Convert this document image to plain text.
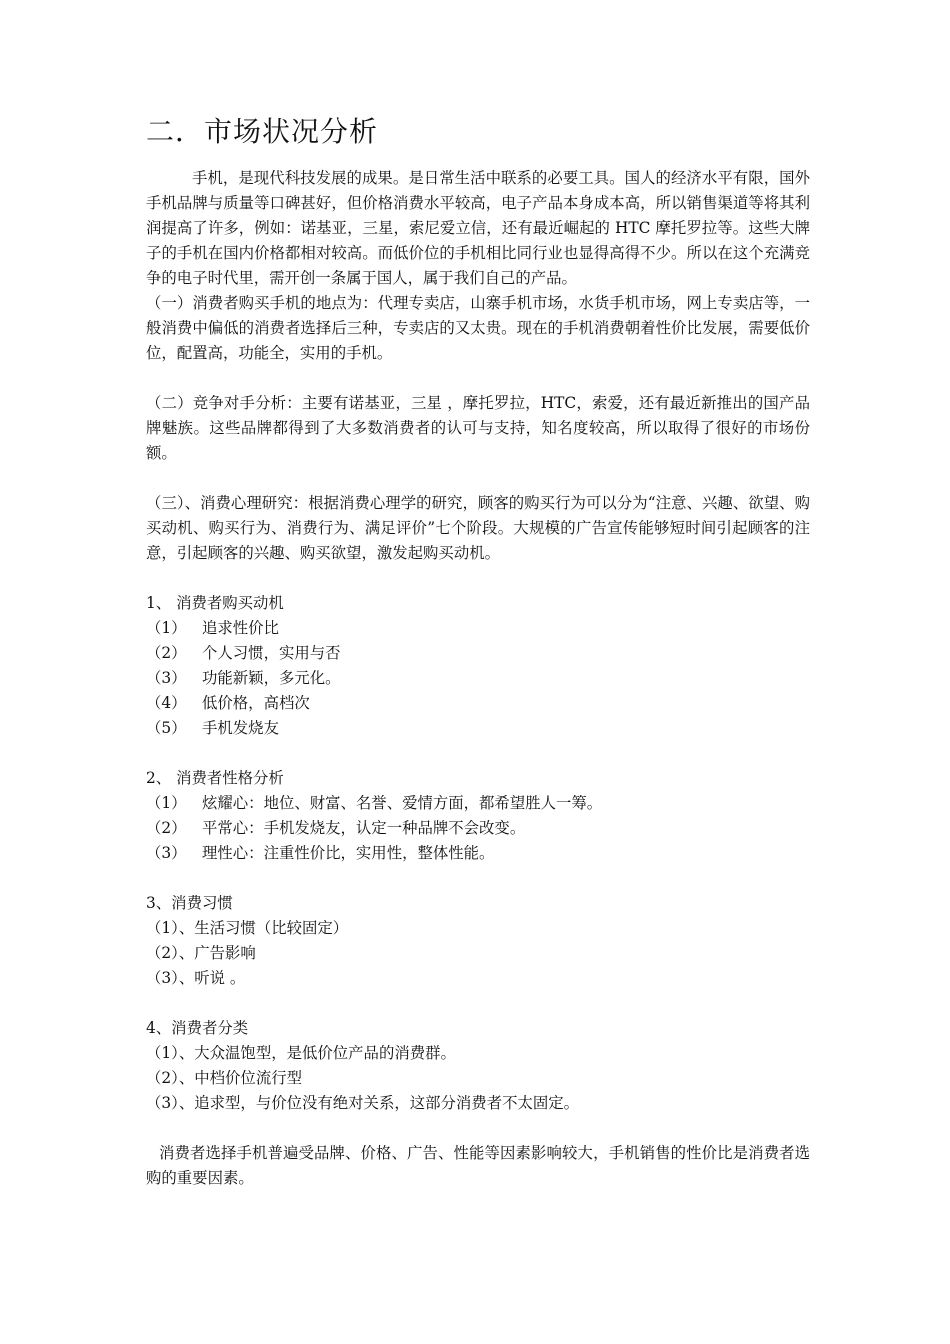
二．市场状况分析

手机，是现代科技发展的成果。是日常生活中联系的必要工具。国人的经济水平有限，国外手机品牌与质量等口碑甚好，但价格消费水平较高，电子产品本身成本高，所以销售渠道等将其利润提高了许多，例如：诺基亚，三星，索尼爱立信，还有最近崛起的 HTC 摩托罗拉等。这些大牌子的手机在国内价格都相对较高。而低价位的手机相比同行业也显得高得不少。所以在这个充满竞争的电子时代里，需开创一条属于国人，属于我们自己的产品。

（一）消费者购买手机的地点为：代理专卖店，山寨手机市场，水货手机市场，网上专卖店等，一般消费中偏低的消费者选择后三种，专卖店的又太贵。现在的手机消费朝着性价比发展，需要低价位，配置高，功能全，实用的手机。

（二）竞争对手分析：主要有诺基亚，三星 ，摩托罗拉，HTC，索爱，还有最近新推出的国产品牌魅族。这些品牌都得到了大多数消费者的认可与支持，知名度较高，所以取得了很好的市场份额。

（三）、消费心理研究：根据消费心理学的研究，顾客的购买行为可以分为“注意、兴趣、欲望、购买动机、购买行为、消费行为、满足评价”七个阶段。大规模的广告宣传能够短时间引起顾客的注意，引起顾客的兴趣、购买欲望，激发起购买动机。

1、 消费者购买动机
（1）	追求性价比
（2）	个人习惯，实用与否
（3）	功能新颖，多元化。
（4）	低价格，高档次
（5）	手机发烧友
2、 消费者性格分析
（1）	炫耀心：地位、财富、名誉、爱情方面，都希望胜人一筹。
（2）	平常心：手机发烧友，认定一种品牌不会改变。
（3）	理性心：注重性价比，实用性，整体性能。
3、消费习惯
（1）、生活习惯（比较固定）
（2）、广告影响
（3）、听说 。
4、消费者分类
（1）、大众温饱型，是低价位产品的消费群。
（2）、中档价位流行型
（3）、追求型，与价位没有绝对关系，这部分消费者不太固定。

消费者选择手机普遍受品牌、价格、广告、性能等因素影响较大，手机销售的性价比是消费者选购的重要因素。
